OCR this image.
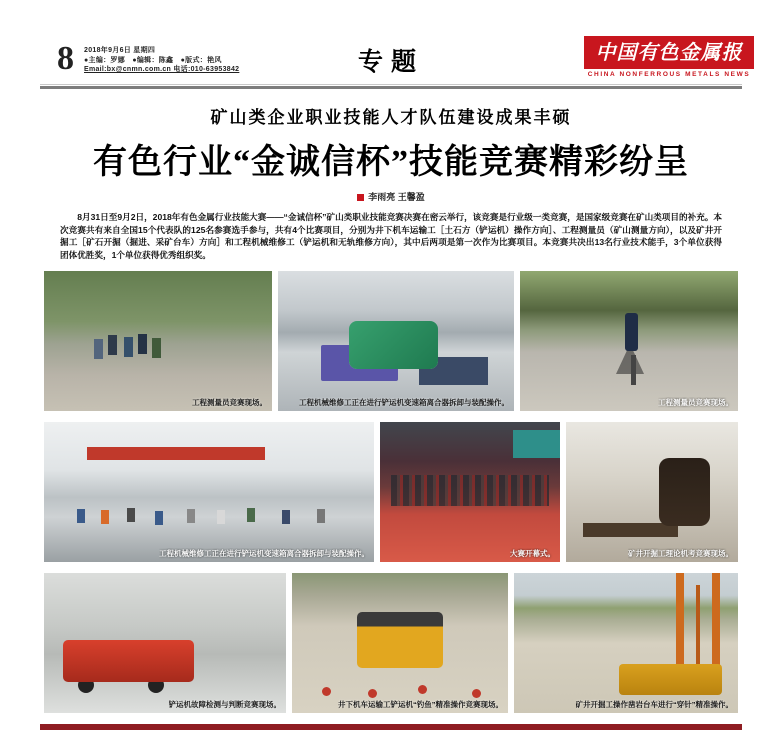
8 2018年9月6日 星期四
●主编：罗娜　●编辑：陈鑫　●版式：艳风
Email:bx@cnmn.com.cn 电话:010-63953842	专题	中国有色金属报
CHINA NONFERROUS METALS NEWS
矿山类企业职业技能人才队伍建设成果丰硕
有色行业“金诚信杯”技能竞赛精彩纷呈
李雨亮 王馨盈

8月31日至9月2日，2018年有色金属行业技能大赛——“金诚信杯”矿山类职业技能竞赛决赛在密云举行，该竞赛是行业级一类竞赛，是国家级竞赛在矿山类项目的补充。本次竞赛共有来自全国15个代表队的125名参赛选手参与，共有4个比赛项目，分别为井下机车运输工［土石方（铲运机）操作方向］、工程测量员（矿山测量方向），以及矿井开掘工［矿石开掘（掘进、采矿台车）方向］和工程机械维修工（铲运机和无轨维修方向），其中后两项是第一次作为比赛项目。本竞赛共决出13名行业技术能手，3个单位获得团体优胜奖，1个单位获得优秀组织奖。

工程测量员竞赛现场。	工程机械维修工正在进行铲运机变速箱离合器拆卸与装配操作。	工程测量员竞赛现场。
工程机械维修工正在进行铲运机变速箱离合器拆卸与装配操作。	大赛开幕式。	矿井开掘工理论机考竞赛现场。
铲运机故障检测与判断竞赛现场。	井下机车运输工铲运机“钓鱼”精准操作竞赛现场。	矿井开掘工操作凿岩台车进行“穿针”精准操作。
